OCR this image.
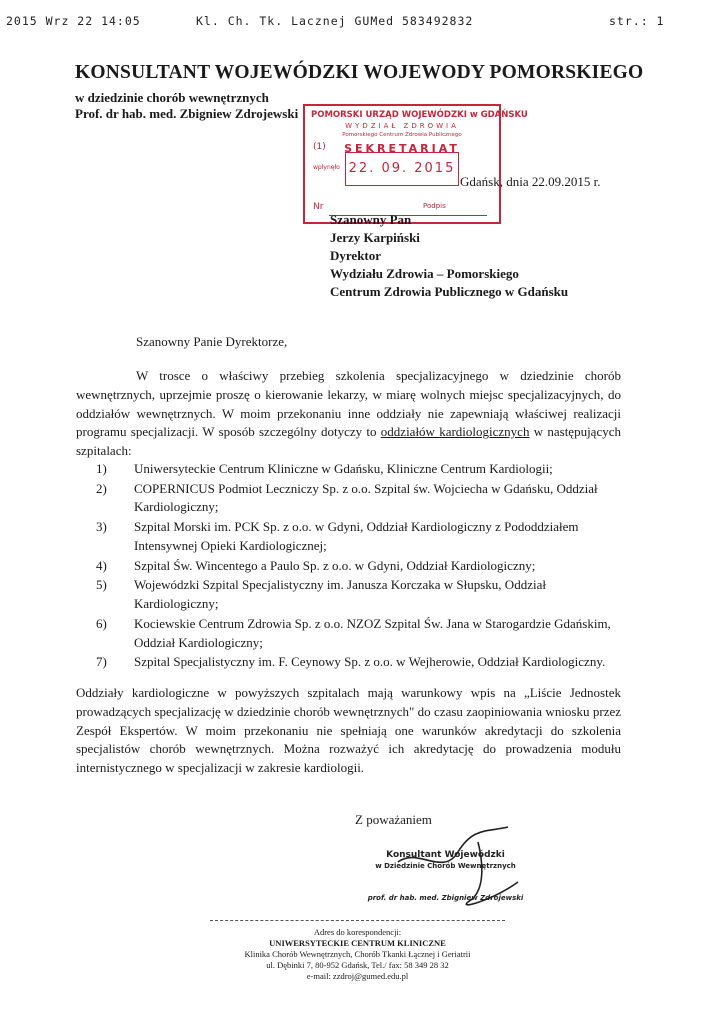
2015 Wrz 22 14:05	Kl. Ch. Tk. Lacznej GUMed 583492832	str.: 1
KONSULTANT WOJEWÓDZKI WOJEWODY POMORSKIEGO
w dziedzinie chorób wewnętrznych
Prof. dr hab. med. Zbigniew Zdrojewski POMORSKI URZĄD WOJEWÓDZKI w GDAŃSKU
WYDZIAŁ ZDROWIA
Pomorskiego Centrum Zdrowia Publicznego
(1)	SEKRETARIAT
wpłynęło 22. 09. 2015
Nr	Podpis
Gdańsk, dnia 22.09.2015 r.
Szanowny Pan
Jerzy Karpiński
Dyrektor
Wydziału Zdrowia – Pomorskiego
Centrum Zdrowia Publicznego w Gdańsku
Szanowny Panie Dyrektorze,

W trosce o właściwy przebieg szkolenia specjalizacyjnego w dziedzinie chorób wewnętrznych, uprzejmie proszę o kierowanie lekarzy, w miarę wolnych miejsc specjalizacyjnych, do oddziałów wewnętrznych. W moim przekonaniu inne oddziały nie zapewniają właściwej realizacji programu specjalizacji. W sposób szczególny dotyczy to oddziałów kardiologicznych w następujących szpitalach:

1) Uniwersyteckie Centrum Kliniczne w Gdańsku, Kliniczne Centrum Kardiologii;
2) COPERNICUS Podmiot Leczniczy Sp. z o.o. Szpital św. Wojciecha w Gdańsku, Oddział Kardiologiczny;
3) Szpital Morski im. PCK Sp. z o.o. w Gdyni, Oddział Kardiologiczny z Pododdziałem Intensywnej Opieki Kardiologicznej;
4) Szpital Św. Wincentego a Paulo Sp. z o.o. w Gdyni, Oddział Kardiologiczny;
5) Wojewódzki Szpital Specjalistyczny im. Janusza Korczaka w Słupsku, Oddział Kardiologiczny;
6) Kociewskie Centrum Zdrowia Sp. z o.o. NZOZ Szpital Św. Jana w Starogardzie Gdańskim, Oddział Kardiologiczny;
7) Szpital Specjalistyczny im. F. Ceynowy Sp. z o.o. w Wejherowie, Oddział Kardiologiczny.

Oddziały kardiologiczne w powyższych szpitalach mają warunkowy wpis na „Liście Jednostek prowadzących specjalizację w dziedzinie chorób wewnętrznych" do czasu zaopiniowania wniosku przez Zespół Ekspertów. W moim przekonaniu nie spełniają one warunków akredytacji do szkolenia specjalistów chorób wewnętrznych. Można rozważyć ich akredytację do prowadzenia modułu internistycznego w specjalizacji w zakresie kardiologii.

Z poważaniem
Konsultant Wojewódzki
w Dziedzinie Chorób Wewnętrznych
prof. dr hab. med. Zbigniew Zdrojewski
Adres do korespondencji:
UNIWERSYTECKIE CENTRUM KLINICZNE
Klinika Chorób Wewnętrznych, Chorób Tkanki Łącznej i Geriatrii
ul. Dębinki 7, 80-952 Gdańsk, Tel./ fax: 58 349 28 32
e-mail: zzdroj@gumed.edu.pl
